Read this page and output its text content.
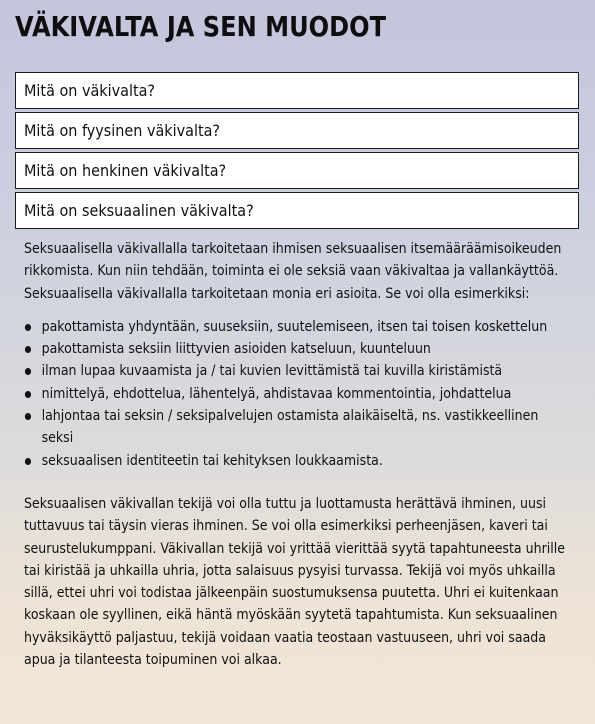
VÄKIVALTA JA SEN MUODOT
Mitä on väkivalta?
Mitä on fyysinen väkivalta?
Mitä on henkinen väkivalta?
Mitä on seksuaalinen väkivalta?

Seksuaalisella väkivallalla tarkoitetaan ihmisen seksuaalisen itsemääräämisoikeuden rikkomista. Kun niin tehdään, toiminta ei ole seksiä vaan väkivaltaa ja vallankäyttöä. Seksuaalisella väkivallalla tarkoitetaan monia eri asioita. Se voi olla esimerkiksi:

pakottamista yhdyntään, suuseksiin, suutelemiseen, itsen tai toisen koskettelun
pakottamista seksiin liittyvien asioiden katseluun, kuunteluun
ilman lupaa kuvaamista ja / tai kuvien levittämistä tai kuvilla kiristämistä
nimittelyä, ehdottelua, lähentelyä, ahdistavaa kommentointia, johdattelua
lahjontaa tai seksin / seksipalvelujen ostamista alaikäiseltä, ns. vastikkeellinen seksi
seksuaalisen identiteetin tai kehityksen loukkaamista.

Seksuaalisen väkivallan tekijä voi olla tuttu ja luottamusta herättävä ihminen, uusi tuttavuus tai täysin vieras ihminen. Se voi olla esimerkiksi perheenjäsen, kaveri tai seurustelukumppani. Väkivallan tekijä voi yrittää vierittää syytä tapahtuneesta uhrille tai kiristää ja uhkailla uhria, jotta salaisuus pysyisi turvassa. Tekijä voi myös uhkailla sillä, ettei uhri voi todistaa jälkeenpäin suostumuksensa puutetta. Uhri ei kuitenkaan koskaan ole syyllinen, eikä häntä myöskään syytetä tapahtumista. Kun seksuaalinen hyväksikäyttö paljastuu, tekijä voidaan vaatia teostaan vastuuseen, uhri voi saada apua ja tilanteesta toipuminen voi alkaa.
